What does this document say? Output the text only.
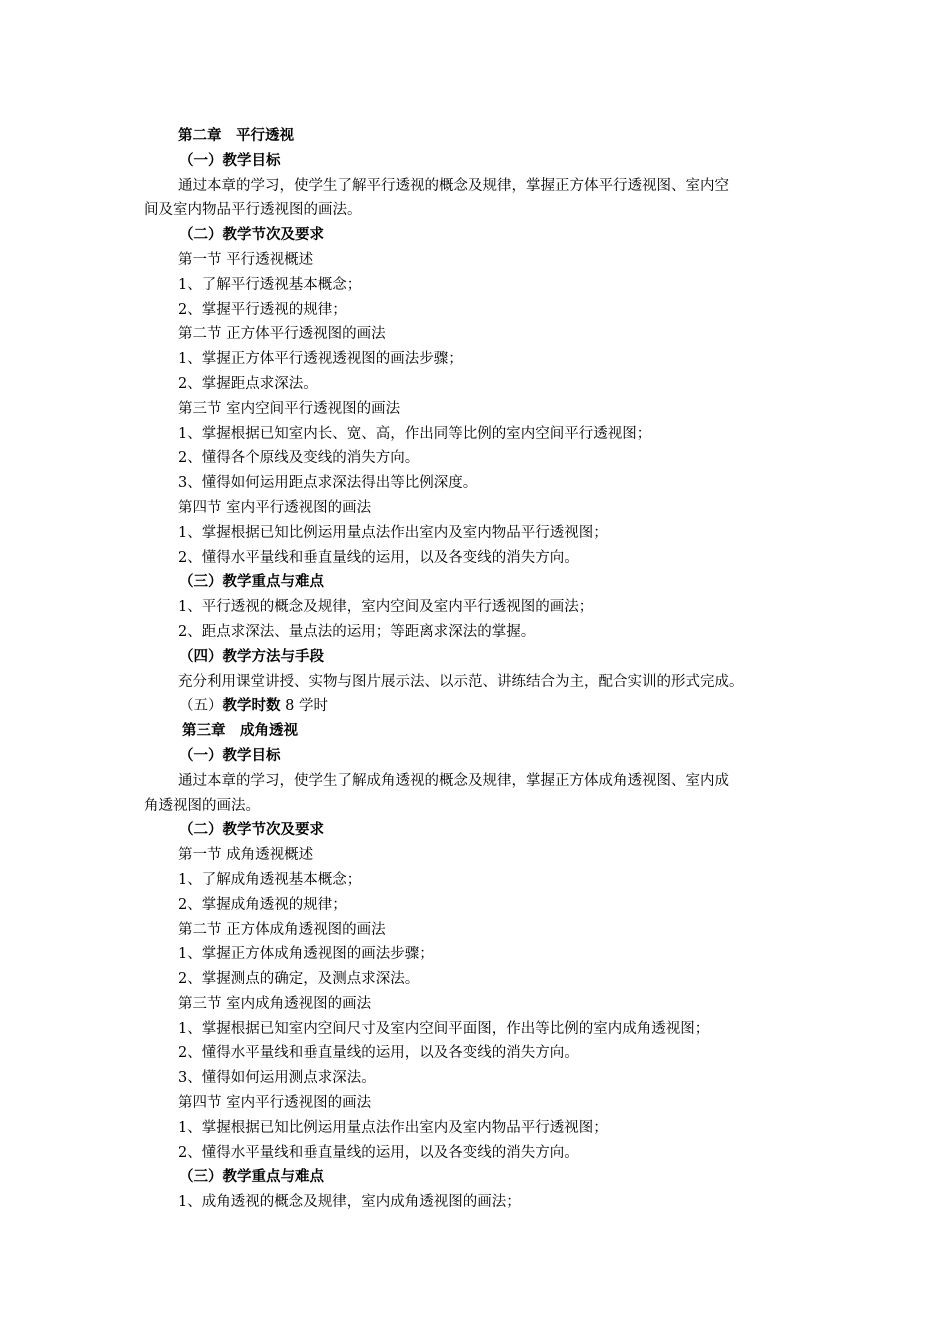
第二章　平行透视
（一）教学目标
通过本章的学习，使学生了解平行透视的概念及规律，掌握正方体平行透视图、室内空
间及室内物品平行透视图的画法。
（二）教学节次及要求
第一节 平行透视概述
1、了解平行透视基本概念；
2、掌握平行透视的规律；
第二节 正方体平行透视图的画法
1、掌握正方体平行透视透视图的画法步骤；
2、掌握距点求深法。
第三节 室内空间平行透视图的画法
1、掌握根据已知室内长、宽、高，作出同等比例的室内空间平行透视图；
2、懂得各个原线及变线的消失方向。
3、懂得如何运用距点求深法得出等比例深度。
第四节 室内平行透视图的画法
1、掌握根据已知比例运用量点法作出室内及室内物品平行透视图；
2、懂得水平量线和垂直量线的运用，以及各变线的消失方向。
（三）教学重点与难点
1、平行透视的概念及规律，室内空间及室内平行透视图的画法；
2、距点求深法、量点法的运用；等距离求深法的掌握。
（四）教学方法与手段
充分利用课堂讲授、实物与图片展示法、以示范、讲练结合为主，配合实训的形式完成。
（五）教学时数 8 学时
第三章　成角透视
（一）教学目标
通过本章的学习，使学生了解成角透视的概念及规律，掌握正方体成角透视图、室内成
角透视图的画法。
（二）教学节次及要求
第一节 成角透视概述
1、了解成角透视基本概念；
2、掌握成角透视的规律；
第二节 正方体成角透视图的画法
1、掌握正方体成角透视图的画法步骤；
2、掌握测点的确定，及测点求深法。
第三节 室内成角透视图的画法
1、掌握根据已知室内空间尺寸及室内空间平面图，作出等比例的室内成角透视图；
2、懂得水平量线和垂直量线的运用，以及各变线的消失方向。
3、懂得如何运用测点求深法。
第四节 室内平行透视图的画法
1、掌握根据已知比例运用量点法作出室内及室内物品平行透视图；
2、懂得水平量线和垂直量线的运用，以及各变线的消失方向。
（三）教学重点与难点
1、成角透视的概念及规律，室内成角透视图的画法；
